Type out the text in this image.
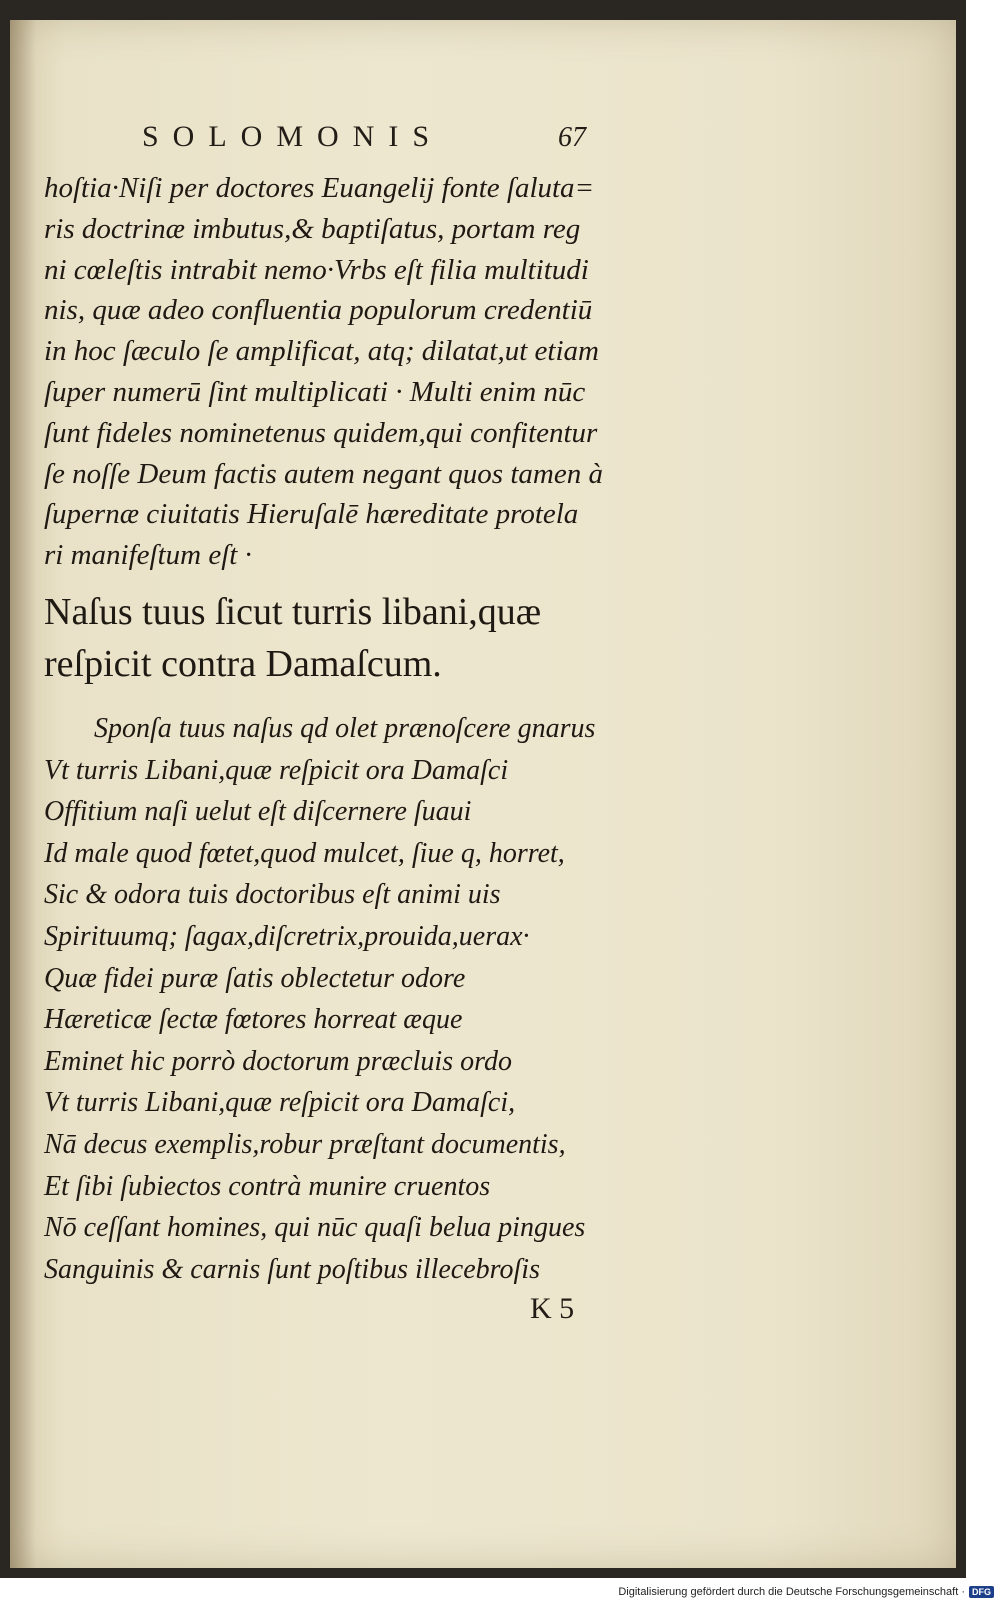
SOLOMONIS	67
hoſtia·Niſi per doctores Euangelij fonte ſaluta=
ris doctrinæ imbutus,& baptiſatus, portam reg
ni cœleſtis intrabit nemo·Vrbs eſt filia multitudi
nis, quæ adeo confluentia populorum credentiū
in hoc ſæculo ſe amplificat, atq; dilatat,ut etiam
ſuper numerū ſint multiplicati · Multi enim nūc
ſunt fideles nominetenus quidem,qui confitentur
ſe noſſe Deum factis autem negant quos tamen à
ſupernæ ciuitatis Hieruſalē hæreditate protela
ri manifeſtum eſt ·
Naſus tuus ſicut turris libani,quæ
reſpicit contra Damaſcum.
Sponſa tuus naſus qd olet prænoſcere gnarus
Vt turris Libani,quæ reſpicit ora Damaſci
Offitium naſi uelut eſt diſcernere ſuaui
Id male quod fœtet,quod mulcet, ſiue q, horret,
Sic & odora tuis doctoribus eſt animi uis
Spirituumq; ſagax,diſcretrix,prouida,uerax·
Quæ fidei puræ ſatis oblectetur odore
Hæreticæ ſectæ fœtores horreat æque
Eminet hic porrò doctorum præcluis ordo
Vt turris Libani,quæ reſpicit ora Damaſci,
Nā decus exemplis,robur præſtant documentis,
Et ſibi ſubiectos contrà munire cruentos
Nō ceſſant homines, qui nūc quaſi belua pingues
Sanguinis & carnis ſunt poſtibus illecebroſis
K 5
Digitalisierung gefördert durch die Deutsche Forschungsgemeinschaft · DFG
